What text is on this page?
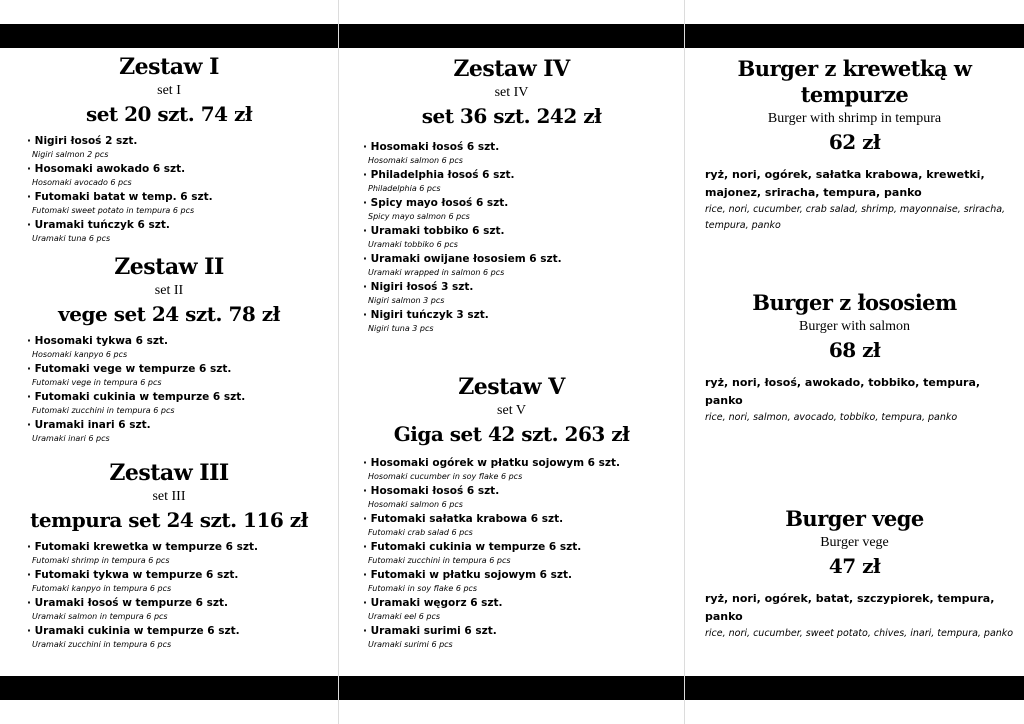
Zestaw I
set I
set 20 szt. 74 zł
· Nigiri łosoś 2 szt.
Nigiri salmon 2 pcs
· Hosomaki awokado 6 szt.
Hosomaki avocado 6 pcs
· Futomaki batat w temp. 6 szt.
Futomaki sweet potato in tempura 6 pcs
· Uramaki tuńczyk 6 szt.
Uramaki tuna 6 pcs
Zestaw II
set II
vege set 24 szt. 78 zł
· Hosomaki tykwa 6 szt.
Hosomaki kanpyo 6 pcs
· Futomaki vege w tempurze 6 szt.
Futomaki vege in tempura 6 pcs
· Futomaki cukinia w tempurze 6 szt.
Futomaki zucchini in tempura 6 pcs
· Uramaki inari 6 szt.
Uramaki inari 6 pcs
Zestaw III
set III
tempura set 24 szt. 116 zł
· Futomaki krewetka w tempurze 6 szt.
Futomaki shrimp in tempura 6 pcs
· Futomaki tykwa w tempurze 6 szt.
Futomaki kanpyo in tempura 6 pcs
· Uramaki łosoś w tempurze 6 szt.
Uramaki salmon in tempura 6 pcs
· Uramaki cukinia w tempurze 6 szt.
Uramaki zucchini in tempura 6 pcs
Zestaw IV
set IV
set 36 szt. 242 zł
· Hosomaki łosoś 6 szt.
Hosomaki salmon 6 pcs
· Philadelphia łosoś 6 szt.
Philadelphia 6 pcs
· Spicy mayo łosoś 6 szt.
Spicy mayo salmon 6 pcs
· Uramaki tobbiko 6 szt.
Uramaki tobbiko 6 pcs
· Uramaki owijane łososiem 6 szt.
Uramaki wrapped in salmon 6 pcs
· Nigiri łosoś 3 szt.
Nigiri salmon 3 pcs
· Nigiri tuńczyk 3 szt.
Nigiri tuna 3 pcs
Zestaw V
set V
Giga set 42 szt. 263 zł
· Hosomaki ogórek w płatku sojowym 6 szt.
Hosomaki cucumber in soy flake 6 pcs
· Hosomaki łosoś 6 szt.
Hosomaki salmon 6 pcs
· Futomaki sałatka krabowa 6 szt.
Futomaki crab salad 6 pcs
· Futomaki cukinia w tempurze 6 szt.
Futomaki zucchini in tempura 6 pcs
· Futomaki w płatku sojowym 6 szt.
Futomaki in soy flake 6 pcs
· Uramaki węgorz 6 szt.
Uramaki eel 6 pcs
· Uramaki surimi 6 szt.
Uramaki surimi 6 pcs
Burger z krewetką w tempurze
Burger with shrimp in tempura
62 zł
ryż, nori, ogórek, sałatka krabowa, krewetki, majonez, sriracha, tempura, panko
rice, nori, cucumber, crab salad, shrimp, mayonnaise, sriracha, tempura, panko
Burger z łososiem
Burger with salmon
68 zł
ryż, nori, łosoś, awokado, tobbiko, tempura, panko
rice, nori, salmon, avocado, tobbiko, tempura, panko
Burger vege
Burger vege
47 zł
ryż, nori, ogórek, batat, szczypiorek, tempura, panko
rice, nori, cucumber, sweet potato, chives, inari, tempura, panko
